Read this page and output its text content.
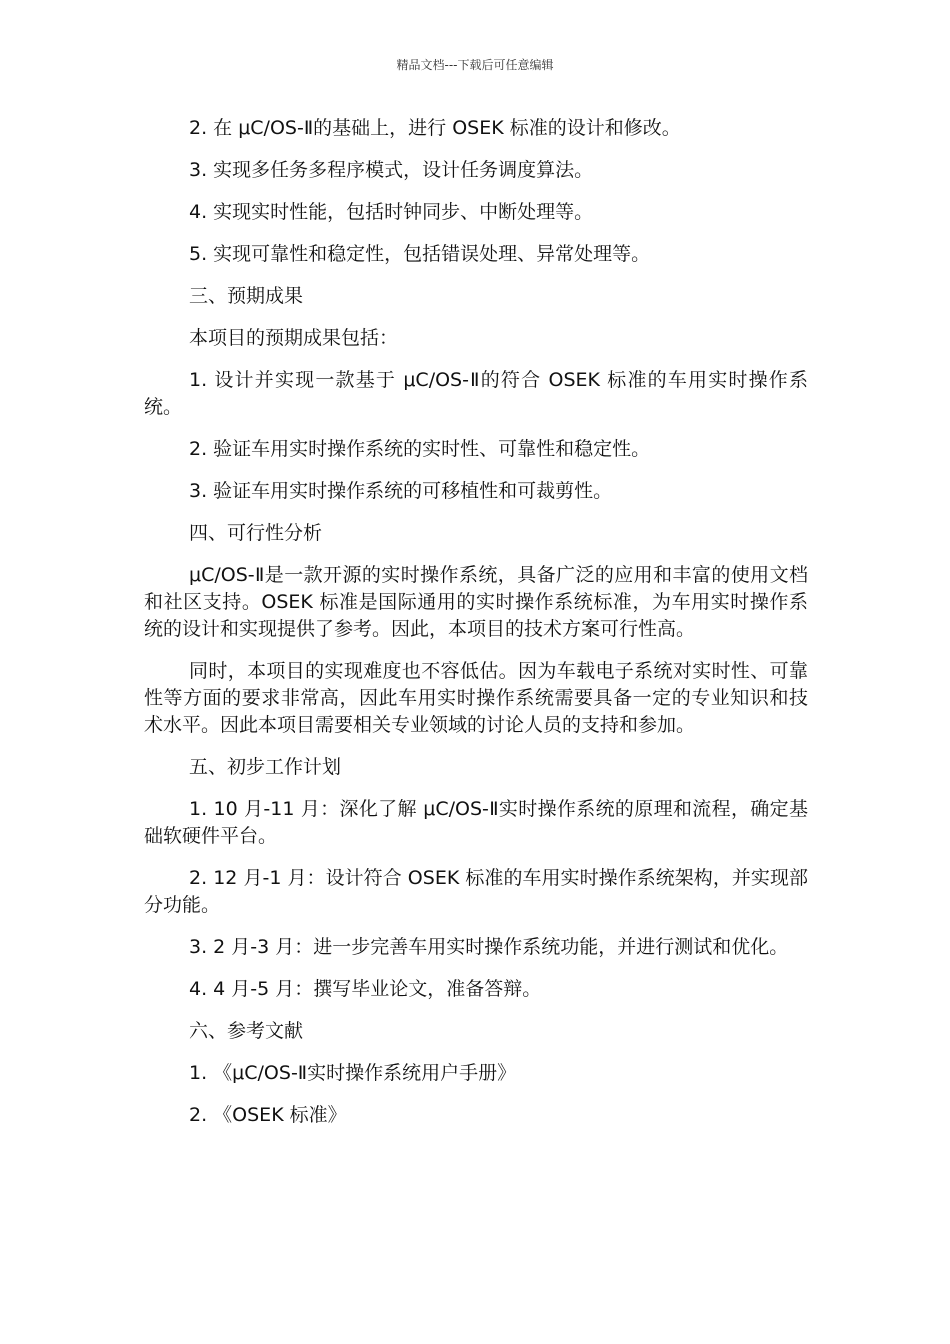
精品文档---下载后可任意编辑

2. 在 μC/OS-Ⅱ的基础上，进行 OSEK 标准的设计和修改。

3. 实现多任务多程序模式，设计任务调度算法。

4. 实现实时性能，包括时钟同步、中断处理等。

5. 实现可靠性和稳定性，包括错误处理、异常处理等。

三、预期成果

本项目的预期成果包括：

1. 设计并实现一款基于 μC/OS-Ⅱ的符合 OSEK 标准的车用实时操作系统。

2. 验证车用实时操作系统的实时性、可靠性和稳定性。

3. 验证车用实时操作系统的可移植性和可裁剪性。

四、可行性分析

μC/OS-Ⅱ是一款开源的实时操作系统，具备广泛的应用和丰富的使用文档和社区支持。OSEK 标准是国际通用的实时操作系统标准，为车用实时操作系统的设计和实现提供了参考。因此，本项目的技术方案可行性高。

同时，本项目的实现难度也不容低估。因为车载电子系统对实时性、可靠性等方面的要求非常高，因此车用实时操作系统需要具备一定的专业知识和技术水平。因此本项目需要相关专业领域的讨论人员的支持和参加。

五、初步工作计划

1. 10 月-11 月：深化了解 μC/OS-Ⅱ实时操作系统的原理和流程，确定基础软硬件平台。

2. 12 月-1 月：设计符合 OSEK 标准的车用实时操作系统架构，并实现部分功能。

3. 2 月-3 月：进一步完善车用实时操作系统功能，并进行测试和优化。

4. 4 月-5 月：撰写毕业论文，准备答辩。

六、参考文献

1. 《μC/OS-Ⅱ实时操作系统用户手册》

2. 《OSEK 标准》
